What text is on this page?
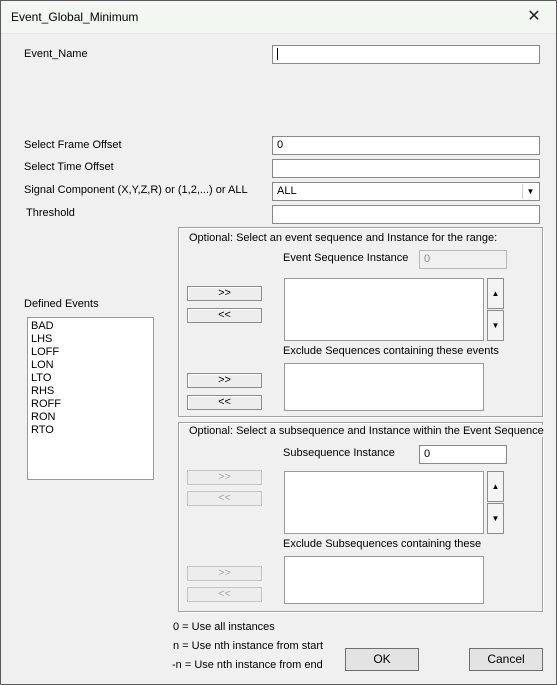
Event_Global_Minimum	✕
Event_Name
Select Frame Offset	0
Select Time Offset
Signal Component (X,Y,Z,R) or (1,2,...) or ALL	ALL	▼
Threshold
Defined Events
BAD
LHS
LOFF
LON
LTO
RHS
ROFF
RON
RTO
Optional: Select an event sequence and Instance for the range:
Event Sequence Instance	0
>>
<<
▲
▼
Exclude Sequences containing these events
>>
<<
Optional: Select a subsequence and Instance within the Event Sequence
Subsequence Instance	0
>>
<<
▲
▼
Exclude Subsequences containing these
>>
<<
0 = Use all instances
n = Use nth instance from start
-n = Use nth instance from end	OK	Cancel
